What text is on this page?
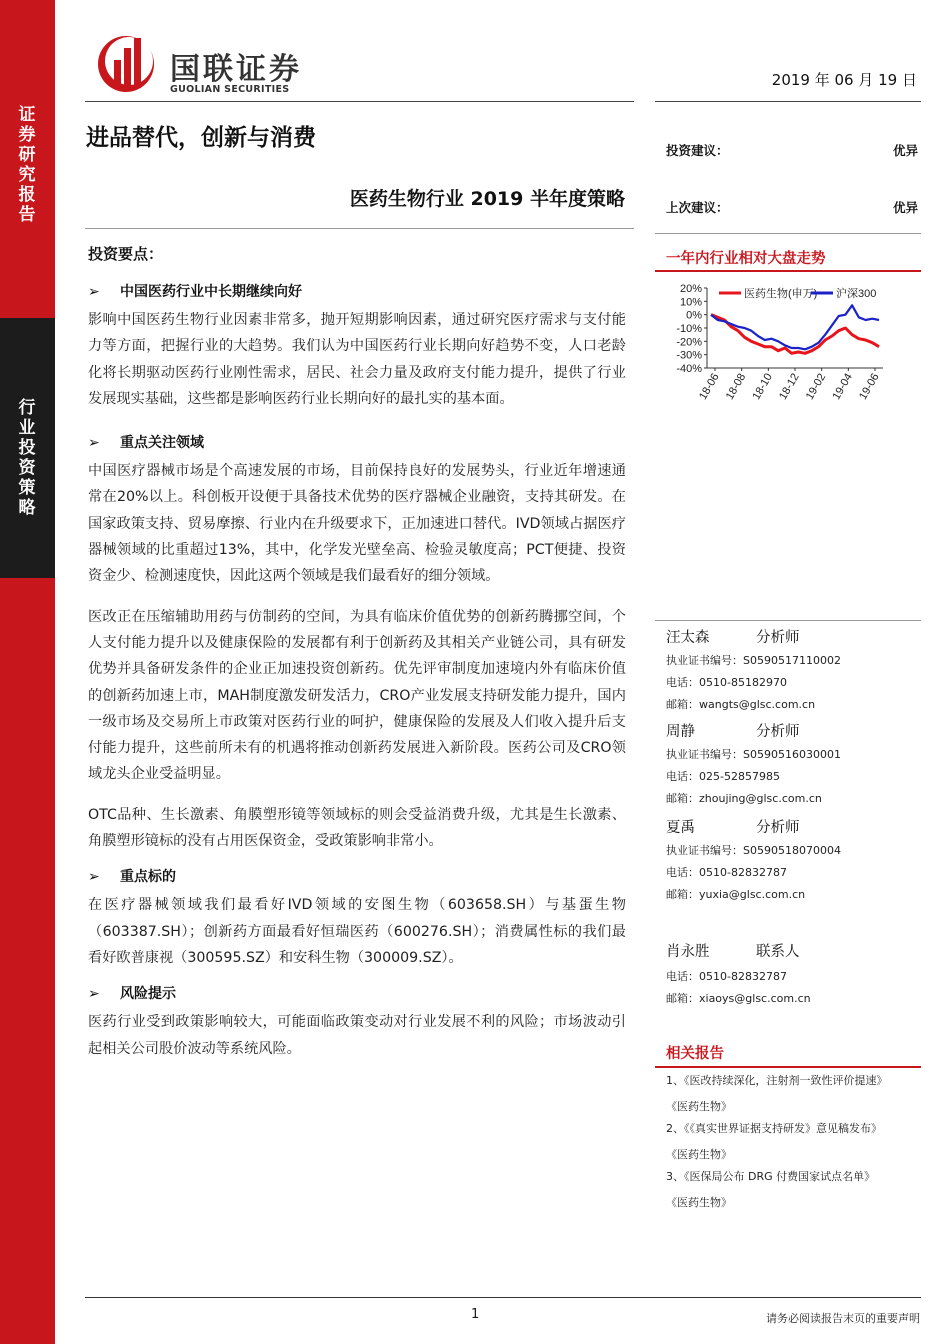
证券研究报告
行业投资策略
国联证券
GUOLIAN SECURITIES
2019 年 06 月 19 日
进品替代，创新与消费
医药生物行业 2019 半年度策略
投资建议：	优异
上次建议：	优异
投资要点：
➢ 中国医药行业中长期继续向好
影响中国医药生物行业因素非常多，抛开短期影响因素，通过研究医疗需求与支付能力等方面，把握行业的大趋势。我们认为中国医药行业长期向好趋势不变，人口老龄化将长期驱动医药行业刚性需求，居民、社会力量及政府支付能力提升，提供了行业发展现实基础，这些都是影响医药行业长期向好的最扎实的基本面。
➢ 重点关注领域
中国医疗器械市场是个高速发展的市场，目前保持良好的发展势头，行业近年增速通常在20%以上。科创板开设便于具备技术优势的医疗器械企业融资，支持其研发。在国家政策支持、贸易摩擦、行业内在升级要求下，正加速进口替代。IVD领域占据医疗器械领域的比重超过13%，其中，化学发光壁垒高、检验灵敏度高；PCT便捷、投资资金少、检测速度快，因此这两个领域是我们最看好的细分领域。
医改正在压缩辅助用药与仿制药的空间，为具有临床价值优势的创新药腾挪空间，个人支付能力提升以及健康保险的发展都有利于创新药及其相关产业链公司，具有研发优势并具备研发条件的企业正加速投资创新药。优先评审制度加速境内外有临床价值的创新药加速上市，MAH制度激发研发活力，CRO产业发展支持研发能力提升，国内一级市场及交易所上市政策对医药行业的呵护，健康保险的发展及人们收入提升后支付能力提升，这些前所未有的机遇将推动创新药发展进入新阶段。医药公司及CRO领域龙头企业受益明显。
OTC品种、生长激素、角膜塑形镜等领域标的则会受益消费升级，尤其是生长激素、角膜塑形镜标的没有占用医保资金，受政策影响非常小。
➢ 重点标的
在医疗器械领域我们最看好IVD领域的安图生物（603658.SH）与基蛋生物（603387.SH）；创新药方面最看好恒瑞医药（600276.SH）；消费属性标的我们最看好欧普康视（300595.SZ）和安科生物（300009.SZ）。
➢ 风险提示
医药行业受到政策影响较大，可能面临政策变动对行业发展不利的风险；市场波动引起相关公司股价波动等系统风险。
一年内行业相对大盘走势
20%
10%
0%
-10%
-20%
-30%
-40%
18-06 18-08 18-10 18-12 19-02 19-04 19-06
医药生物(申万) 沪深300
汪太森	分析师
执业证书编号：S0590517110002
电话：0510-85182970
邮箱：wangts@glsc.com.cn
周静	分析师
执业证书编号：S0590516030001
电话：025-52857985
邮箱：zhoujing@glsc.com.cn
夏禹	分析师
执业证书编号：S0590518070004
电话：0510-82832787
邮箱：yuxia@glsc.com.cn
肖永胜	联系人
电话：0510-82832787
邮箱：xiaoys@glsc.com.cn
相关报告
1、《医改持续深化，注射剂一致性评价提速》
《医药生物》
2、《《真实世界证据支持研发》意见稿发布》
《医药生物》
3、《医保局公布 DRG 付费国家试点名单》
《医药生物》
1	请务必阅读报告末页的重要声明
